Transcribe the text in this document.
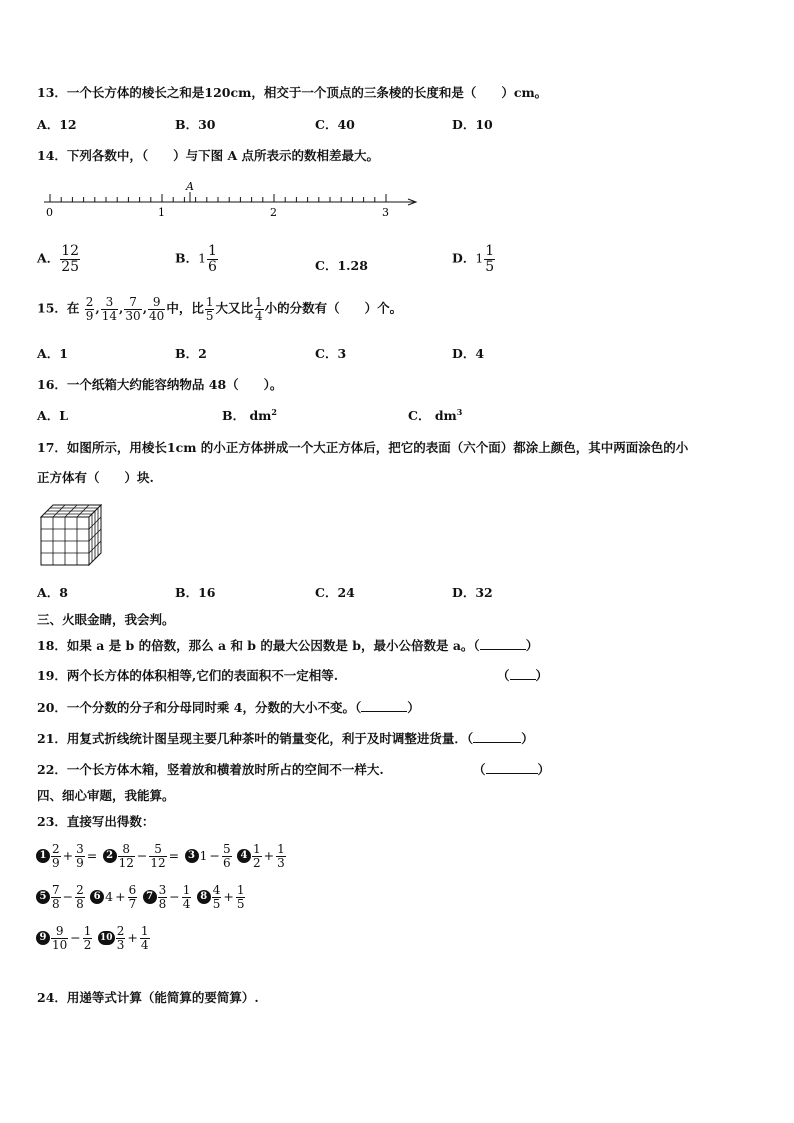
13．一个长方体的棱长之和是120cm，相交于一个顶点的三条棱的长度和是（　　）cm。
A．12	B．30	C．40	D．10
14．下列各数中，（　　）与下图 A 点所表示的数相差最大。
A
0	1	2	3
A． $\frac{12}{25}$	B．$1 \frac{1}{6}$	C．1.28	D．$1 \frac{1}{5}$
15．在 $\frac{2}{9}$ , $\frac{3}{14}$ , $\frac{7}{30}$ , $\frac{9}{40}$ 中，比 $\frac{1}{5}$ 大又比 $\frac{1}{4}$ 小的分数有（　　）个。
A．1	B．2	C．3	D．4
16．一个纸箱大约能容纳物品 48（　　）。
A．L	B． $dm^2$	C． $dm^3$
17．如图所示，用棱长1cm 的小正方体拼成一个大正方体后，把它的表面（六个面）都涂上颜色，其中两面涂色的小
正方体有（　　）块.
A．8	B．16	C．24	D．32
三、火眼金睛，我会判。
18．如果 a 是 b 的倍数，那么 a 和 b 的最大公因数是 b，最小公倍数是 a。（	）
19．两个长方体的体积相等,它们的表面积不一定相等.	（ ）
20．一个分数的分子和分母同时乘 4，分数的大小不变。（	）
21．用复式折线统计图呈现主要几种茶叶的销量变化，利于及时调整进货量．（	）
22．一个长方体木箱，竖着放和横着放时所占的空间不一样大.	（	）
四、细心审题，我能算。
23．直接写出得数：
$1 \frac{2}{9} + \frac{3}{9} = 2 \frac{8}{12} - \frac{5}{12} = 3$ $1 - \frac{5}{6} 4 \frac{1}{2} + \frac{1}{3}$
$5 \frac{7}{8} - \frac{2}{8} 6$ $4 + \frac{6}{7} 7 \frac{3}{8} - \frac{1}{4} 8 \frac{4}{5} + \frac{1}{5}$
$9 \frac{9}{10} - \frac{1}{2} 10 \frac{2}{3} + \frac{1}{4}$
24．用递等式计算（能简算的要简算）.
